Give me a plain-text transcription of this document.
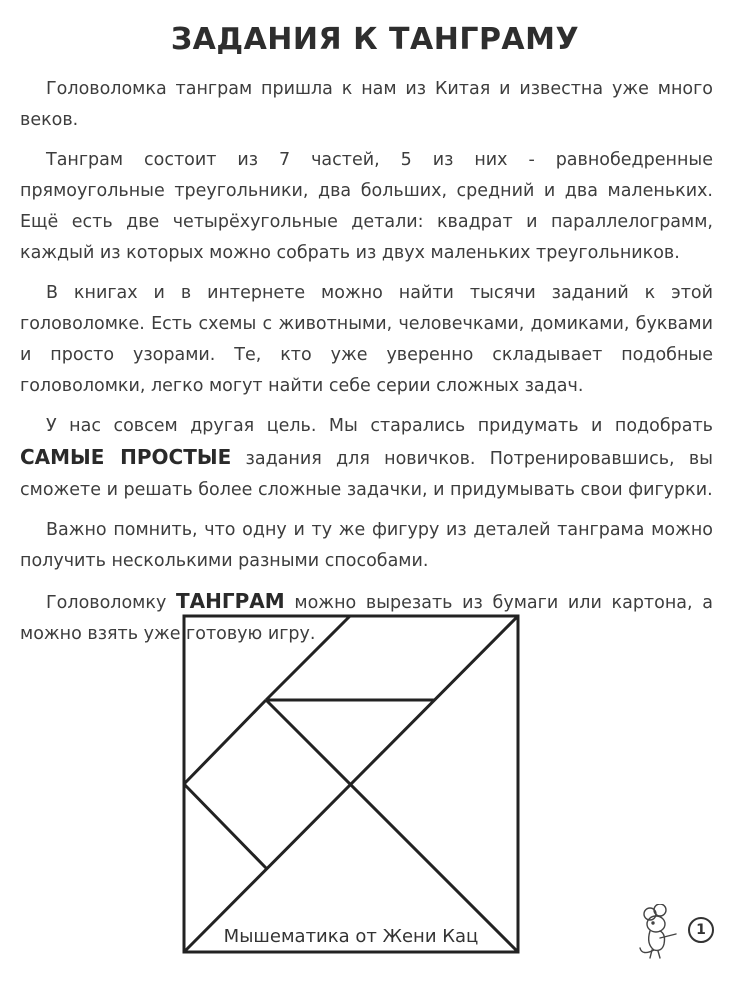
ЗАДАНИЯ К ТАНГРАМУ

Головоломка танграм пришла к нам из Китая и известна уже много веков.

Танграм состоит из 7 частей, 5 из них - равнобедренные прямоугольные треугольники, два больших, средний и два маленьких. Ещё есть две четырёхугольные детали: квадрат и параллелограмм, каждый из которых можно собрать из двух маленьких треугольников.

В книгах и в интернете можно найти тысячи заданий к этой головоломке. Есть схемы с животными, человечками, домиками, буквами и просто узорами. Те, кто уже уверенно складывает подобные головоломки, легко могут найти себе серии сложных задач.

У нас совсем другая цель. Мы старались придумать и подобрать САМЫЕ ПРОСТЫЕ задания для новичков. Потренировавшись, вы сможете и решать более сложные задачки, и придумывать свои фигурки.

Важно помнить, что одну и ту же фигуру из деталей танграма можно получить несколькими разными способами.

Головоломку ТАНГРАМ можно вырезать из бумаги или картона, а можно взять уже готовую игру.

Мышематика от Жени Кац	1
